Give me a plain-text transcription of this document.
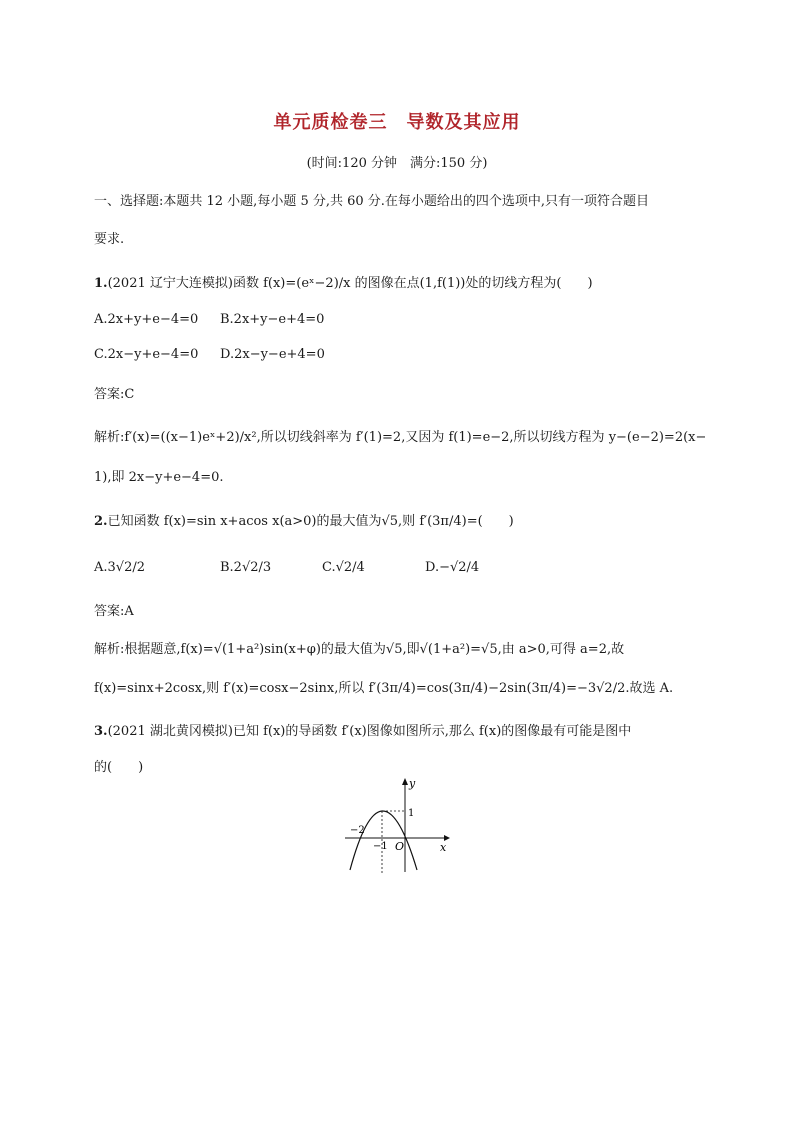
单元质检卷三　导数及其应用
(时间:120 分钟　满分:150 分)
一、选择题:本题共 12 小题,每小题 5 分,共 60 分.在每小题给出的四个选项中,只有一项符合题目
要求.
1.(2021 辽宁大连模拟)函数 f(x)=(eˣ−2)/x 的图像在点(1,f(1))处的切线方程为(　　)
A.2x+y+e−4=0 B.2x+y−e+4=0
C.2x−y+e−4=0 D.2x−y−e+4=0
答案:C
解析:f′(x)=((x−1)eˣ+2)/x²,所以切线斜率为 f′(1)=2,又因为 f(1)=e−2,所以切线方程为 y−(e−2)=2(x−
1),即 2x−y+e−4=0.
2.已知函数 f(x)=sin x+acos x(a>0)的最大值为√5,则 f′(3π/4)=(　　)
A.3√2/2	B.2√2/3	C.√2/4	D.−√2/4
答案:A
解析:根据题意,f(x)=√(1+a²)sin(x+φ)的最大值为√5,即√(1+a²)=√5,由 a>0,可得 a=2,故
f(x)=sinx+2cosx,则 f′(x)=cosx−2sinx,所以 f′(3π/4)=cos(3π/4)−2sin(3π/4)=−3√2/2.故选 A.
3.(2021 湖北黄冈模拟)已知 f(x)的导函数 f′(x)图像如图所示,那么 f(x)的图像最有可能是图中
的(　　)
y
x
O
−2
−1
1
